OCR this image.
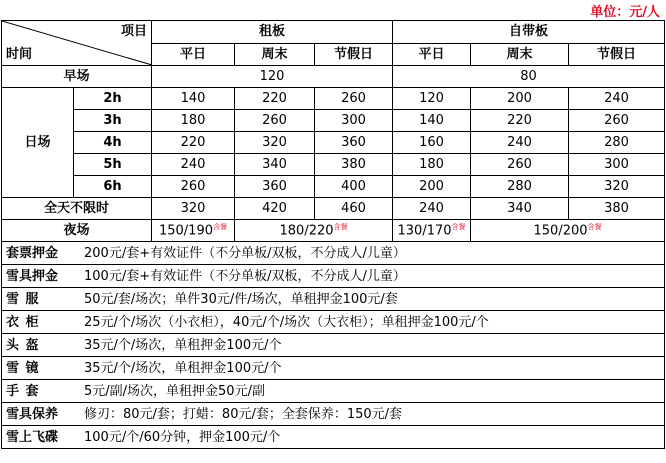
单位：元/人
项目
时间		租板			自带板		
		平日	周末	节假日	平日	周末	节假日
早场		120			80		
日场	2h	140	220	260	120	200	240
	3h	180	260	300	140	220	260
	4h	220	320	360	160	240	280
	5h	240	340	380	180	260	300
	6h	260	360	400	200	280	320
全天不限时		320	420	460	240	340	380
夜场		$150/190^{含餐}$	$180/220^{含餐}$		$130/170^{含餐}$	$150/200^{含餐}$
套票押金 200元/套+有效证件（不分单板/双板，不分成人/儿童）							
雪具押金 100元/套+有效证件（不分单板/双板，不分成人/儿童）							
雪服 50元/套/场次；单件30元/件/场次，单租押金100元/套							
衣柜 25元/个/场次（小衣柜），40元/个/场次（大衣柜）；单租押金100元/个							
头盔 35元/个/场次，单租押金100元/个							
雪镜 35元/个/场次，单租押金100元/个							
手套 5元/副/场次，单租押金50元/副							
雪具保养 修刃：80元/套；打蜡：80元/套；全套保养：150元/套							
雪上飞碟 100元/个/60分钟，押金100元/个							
